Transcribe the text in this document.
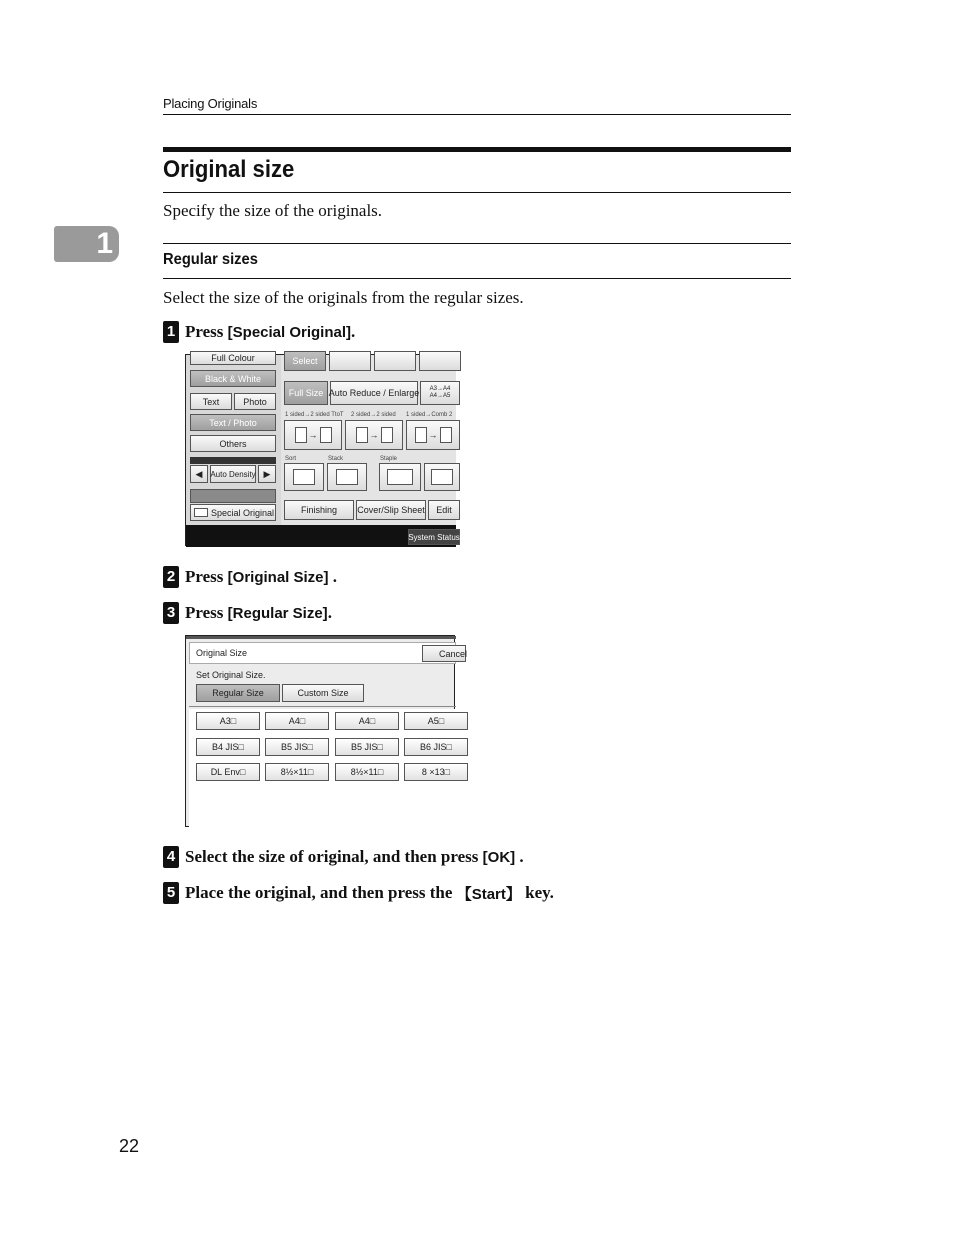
Placing Originals
1
Original size
Specify the size of the originals.
Regular sizes
Select the size of the originals from the regular sizes.
1 Press [Special Original] .
Full Colour
Black & White
Text	Photo
Text / Photo
Others
◀ Auto Density ▶
Special Original
Select
Full Size Auto Reduce / Enlarge	A3→A4 A4→A5
1 sided→2 sided TtoT 2 sided→2 sided 1 sided→Comb 2
→	→	→
Sort	Stack	Staple
Finishing	Cover/Slip Sheet	Edit
System Status
2 Press [Original Size] .
3 Press [Regular Size] .
Original Size	Cancel
Set Original Size.
Regular Size	Custom Size
A3□	A4□	A4□	A5□
B4 JIS□	B5 JIS□	B5 JIS□	B6 JIS□
DL Env□	8½×11□	8½×11□	8 ×13□
4 Select the size of original, and then press [OK] .
5 Place the original, and then press the 【Start】 key.
22
